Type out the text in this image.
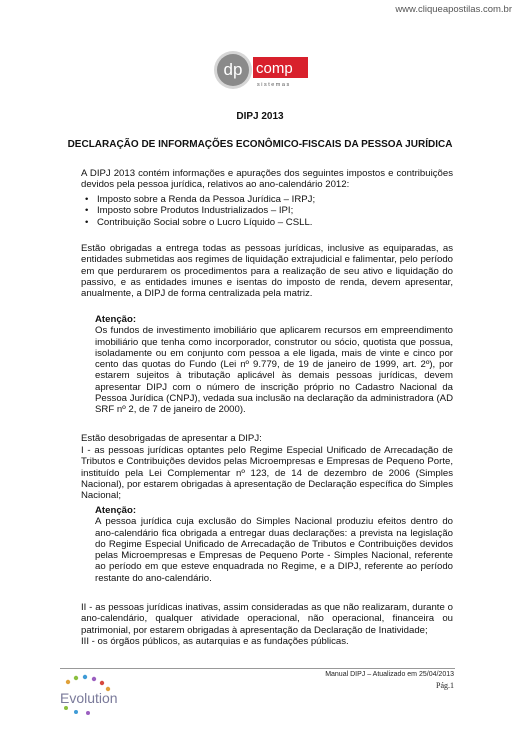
www.cliqueapostilas.com.br
dp comp
sistemas
DIPJ 2013
DECLARAÇÃO DE INFORMAÇÕES ECONÔMICO-FISCAIS DA PESSOA JURÍDICA

A DIPJ 2013 contém informações e apurações dos seguintes impostos e contribuições devidos pela pessoa jurídica, relativos ao ano-calendário 2012:

• Imposto sobre a Renda da Pessoa Jurídica – IRPJ;
• Imposto sobre Produtos Industrializados – IPI;
• Contribuição Social sobre o Lucro Líquido – CSLL.

Estão obrigadas a entrega todas as pessoas jurídicas, inclusive as equiparadas, as entidades submetidas aos regimes de liquidação extrajudicial e falimentar, pelo período em que perdurarem os procedimentos para a realização de seu ativo e liquidação do passivo, e as entidades imunes e isentas do imposto de renda, devem apresentar, anualmente, a DIPJ de forma centralizada pela matriz.

Atenção:
Os fundos de investimento imobiliário que aplicarem recursos em empreendimento imobiliário que tenha como incorporador, construtor ou sócio, quotista que possua, isoladamente ou em conjunto com pessoa a ele ligada, mais de vinte e cinco por cento das quotas do Fundo (Lei nº 9.779, de 19 de janeiro de 1999, art. 2º), por estarem sujeitos à tributação aplicável às demais pessoas jurídicas, devem apresentar DIPJ com o número de inscrição próprio no Cadastro Nacional da Pessoa Jurídica (CNPJ), vedada sua inclusão na declaração da administradora (AD SRF nº 2, de 7 de janeiro de 2000).

Estão desobrigadas de apresentar a DIPJ:

I - as pessoas jurídicas optantes pelo Regime Especial Unificado de Arrecadação de Tributos e Contribuições devidos pelas Microempresas e Empresas de Pequeno Porte, instituído pela Lei Complementar nº 123, de 14 de dezembro de 2006 (Simples Nacional), por estarem obrigadas à apresentação de Declaração específica do Simples Nacional;

Atenção:
A pessoa jurídica cuja exclusão do Simples Nacional produziu efeitos dentro do ano-calendário fica obrigada a entregar duas declarações: a prevista na legislação do Regime Especial Unificado de Arrecadação de Tributos e Contribuições devidos pelas Microempresas e Empresas de Pequeno Porte - Simples Nacional, referente ao período em que esteve enquadrada no Regime, e a DIPJ, referente ao período restante do ano-calendário.

II - as pessoas jurídicas inativas, assim consideradas as que não realizaram, durante o ano-calendário, qualquer atividade operacional, não operacional, financeira ou patrimonial, por estarem obrigadas à apresentação da Declaração de Inatividade;

III - os órgãos públicos, as autarquias e as fundações públicas.

Evolution
Manual DIPJ – Atualizado em 25/04/2013
Pág.1
